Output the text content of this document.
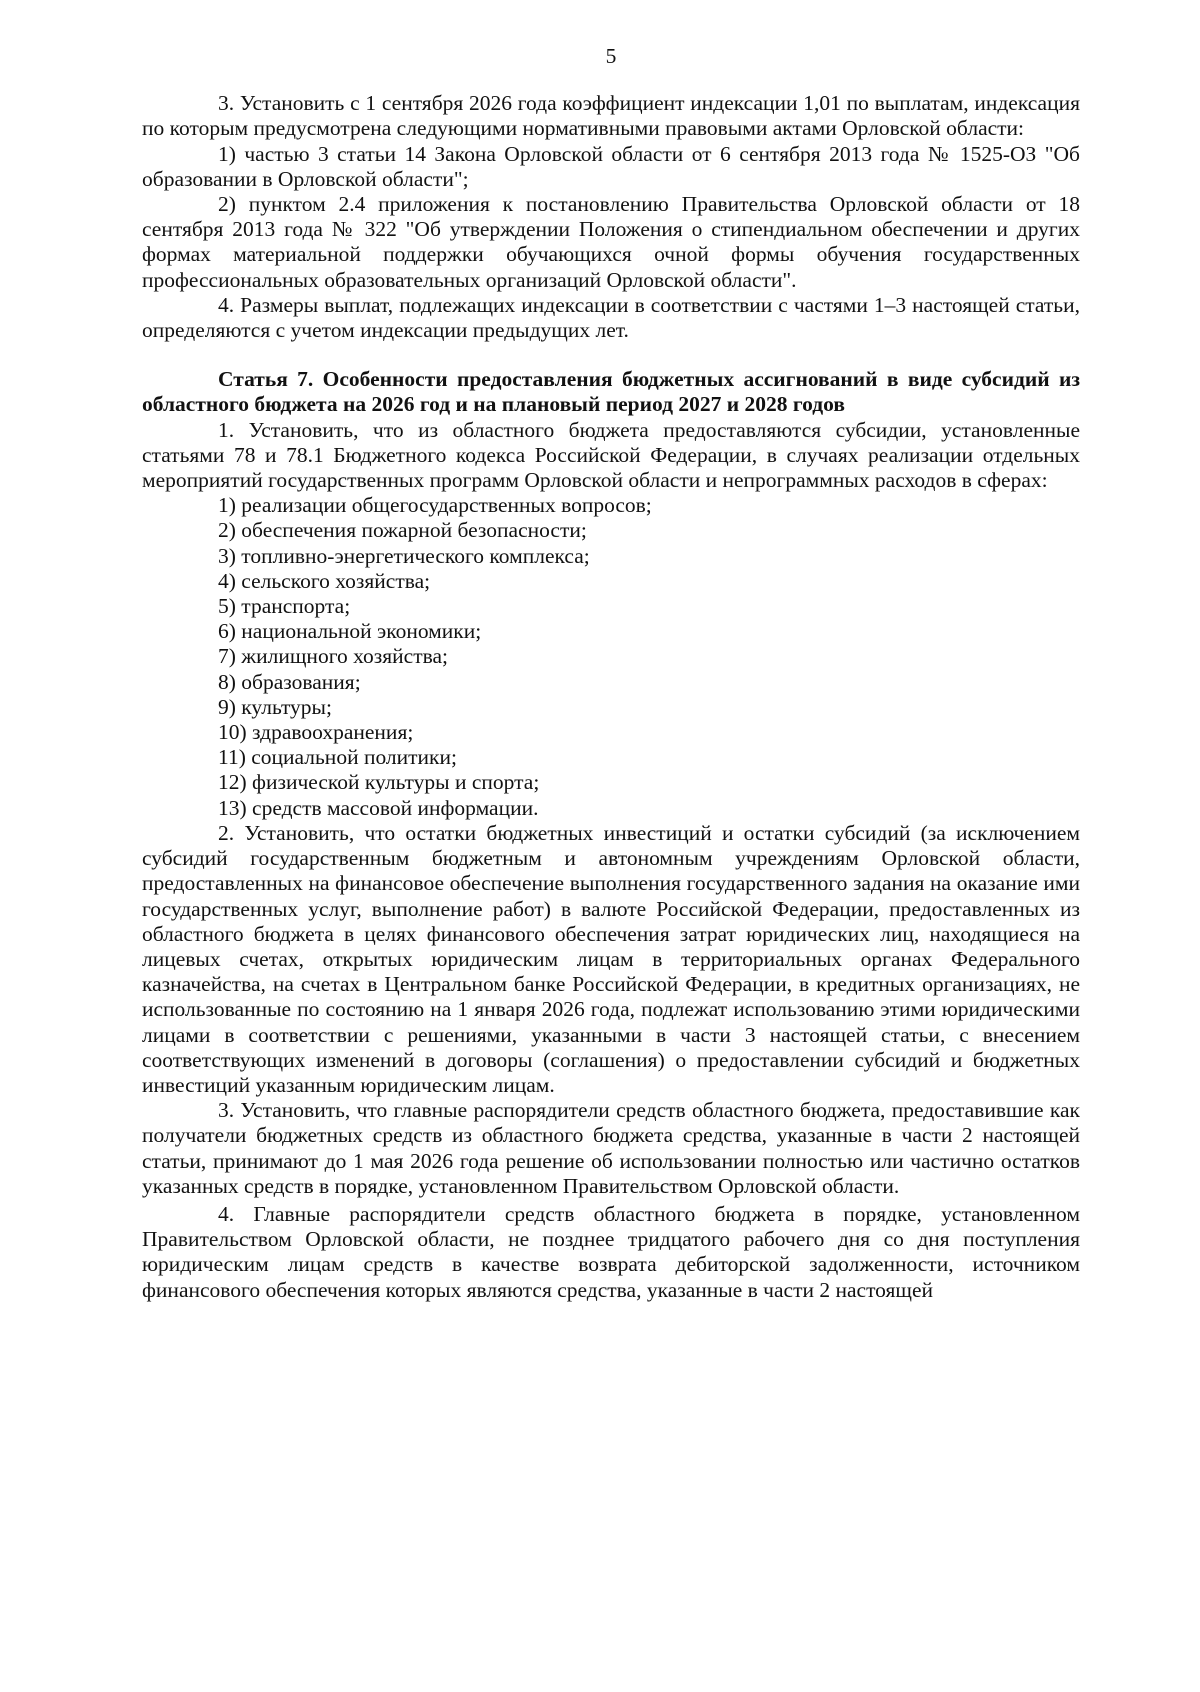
5

3. Установить с 1 сентября 2026 года коэффициент индексации 1,01 по выплатам, индексация по которым предусмотрена следующими нормативными правовыми актами Орловской области:

1) частью 3 статьи 14 Закона Орловской области от 6 сентября 2013 года № 1525-ОЗ "Об образовании в Орловской области";

2) пунктом 2.4 приложения к постановлению Правительства Орловской области от 18 сентября 2013 года № 322 "Об утверждении Положения о стипендиальном обеспечении и других формах материальной поддержки обучающихся очной формы обучения государственных профессиональных образовательных организаций Орловской области".

4. Размеры выплат, подлежащих индексации в соответствии с частями 1–3 настоящей статьи, определяются с учетом индексации предыдущих лет.

Статья 7. Особенности предоставления бюджетных ассигнований в виде субсидий из областного бюджета на 2026 год и на плановый период 2027 и 2028 годов

1. Установить, что из областного бюджета предоставляются субсидии, установленные статьями 78 и 78.1 Бюджетного кодекса Российской Федерации, в случаях реализации отдельных мероприятий государственных программ Орловской области и непрограммных расходов в сферах:

1) реализации общегосударственных вопросов;

2) обеспечения пожарной безопасности;

3) топливно-энергетического комплекса;

4) сельского хозяйства;

5) транспорта;

6) национальной экономики;

7) жилищного хозяйства;

8) образования;

9) культуры;

10) здравоохранения;

11) социальной политики;

12) физической культуры и спорта;

13) средств массовой информации.

2. Установить, что остатки бюджетных инвестиций и остатки субсидий (за исключением субсидий государственным бюджетным и автономным учреждениям Орловской области, предоставленных на финансовое обеспечение выполнения государственного задания на оказание ими государственных услуг, выполнение работ) в валюте Российской Федерации, предоставленных из областного бюджета в целях финансового обеспечения затрат юридических лиц, находящиеся на лицевых счетах, открытых юридическим лицам в территориальных органах Федерального казначейства, на счетах в Центральном банке Российской Федерации, в кредитных организациях, не использованные по состоянию на 1 января 2026 года, подлежат использованию этими юридическими лицами в соответствии с решениями, указанными в части 3 настоящей статьи, с внесением соответствующих изменений в договоры (соглашения) о предоставлении субсидий и бюджетных инвестиций указанным юридическим лицам.

3. Установить, что главные распорядители средств областного бюджета, предоставившие как получатели бюджетных средств из областного бюджета средства, указанные в части 2 настоящей статьи, принимают до 1 мая 2026 года решение об использовании полностью или частично остатков указанных средств в порядке, установленном Правительством Орловской области.

4. Главные распорядители средств областного бюджета в порядке, установленном Правительством Орловской области, не позднее тридцатого рабочего дня со дня поступления юридическим лицам средств в качестве возврата дебиторской задолженности, источником финансового обеспечения которых являются средства, указанные в части 2 настоящей
